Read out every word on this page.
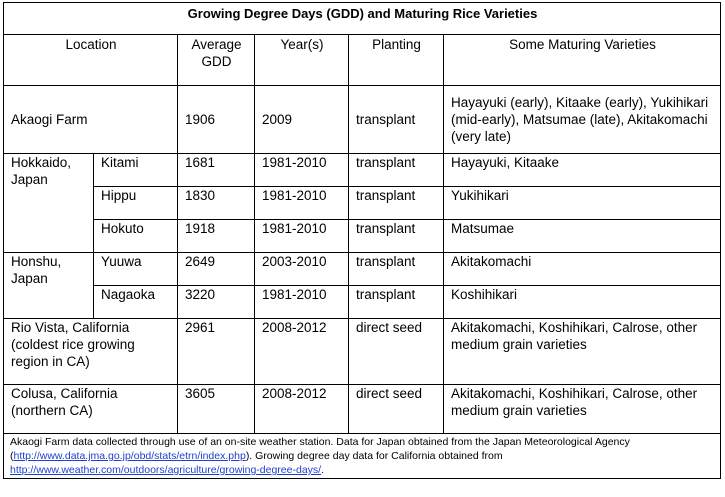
Growing Degree Days (GDD) and Maturing Rice Varieties					
Location		Average GDD	Year(s)	Planting	Some Maturing Varieties
Akaogi Farm		1906	2009	transplant	Hayayuki (early), Kitaake (early), Yukihikari (mid-early), Matsumae (late), Akitakomachi (very late)
Hokkaido, Japan	Kitami	1681	1981-2010	transplant	Hayayuki, Kitaake
	Hippu	1830	1981-2010	transplant	Yukihikari
	Hokuto	1918	1981-2010	transplant	Matsumae
Honshu, Japan	Yuuwa	2649	2003-2010	transplant	Akitakomachi
	Nagaoka	3220	1981-2010	transplant	Koshihikari
Rio Vista, California (coldest rice growing region in CA)		2961	2008-2012	direct seed	Akitakomachi, Koshihikari, Calrose, other medium grain varieties
Colusa, California (northern CA)		3605	2008-2012	direct seed	Akitakomachi, Koshihikari, Calrose, other medium grain varieties
Akaogi Farm data collected through use of an on-site weather station. Data for Japan obtained from the Japan Meteorological Agency (http://www.data.jma.go.jp/obd/stats/etrn/index.php). Growing degree day data for California obtained from http://www.weather.com/outdoors/agriculture/growing-degree-days/.					
